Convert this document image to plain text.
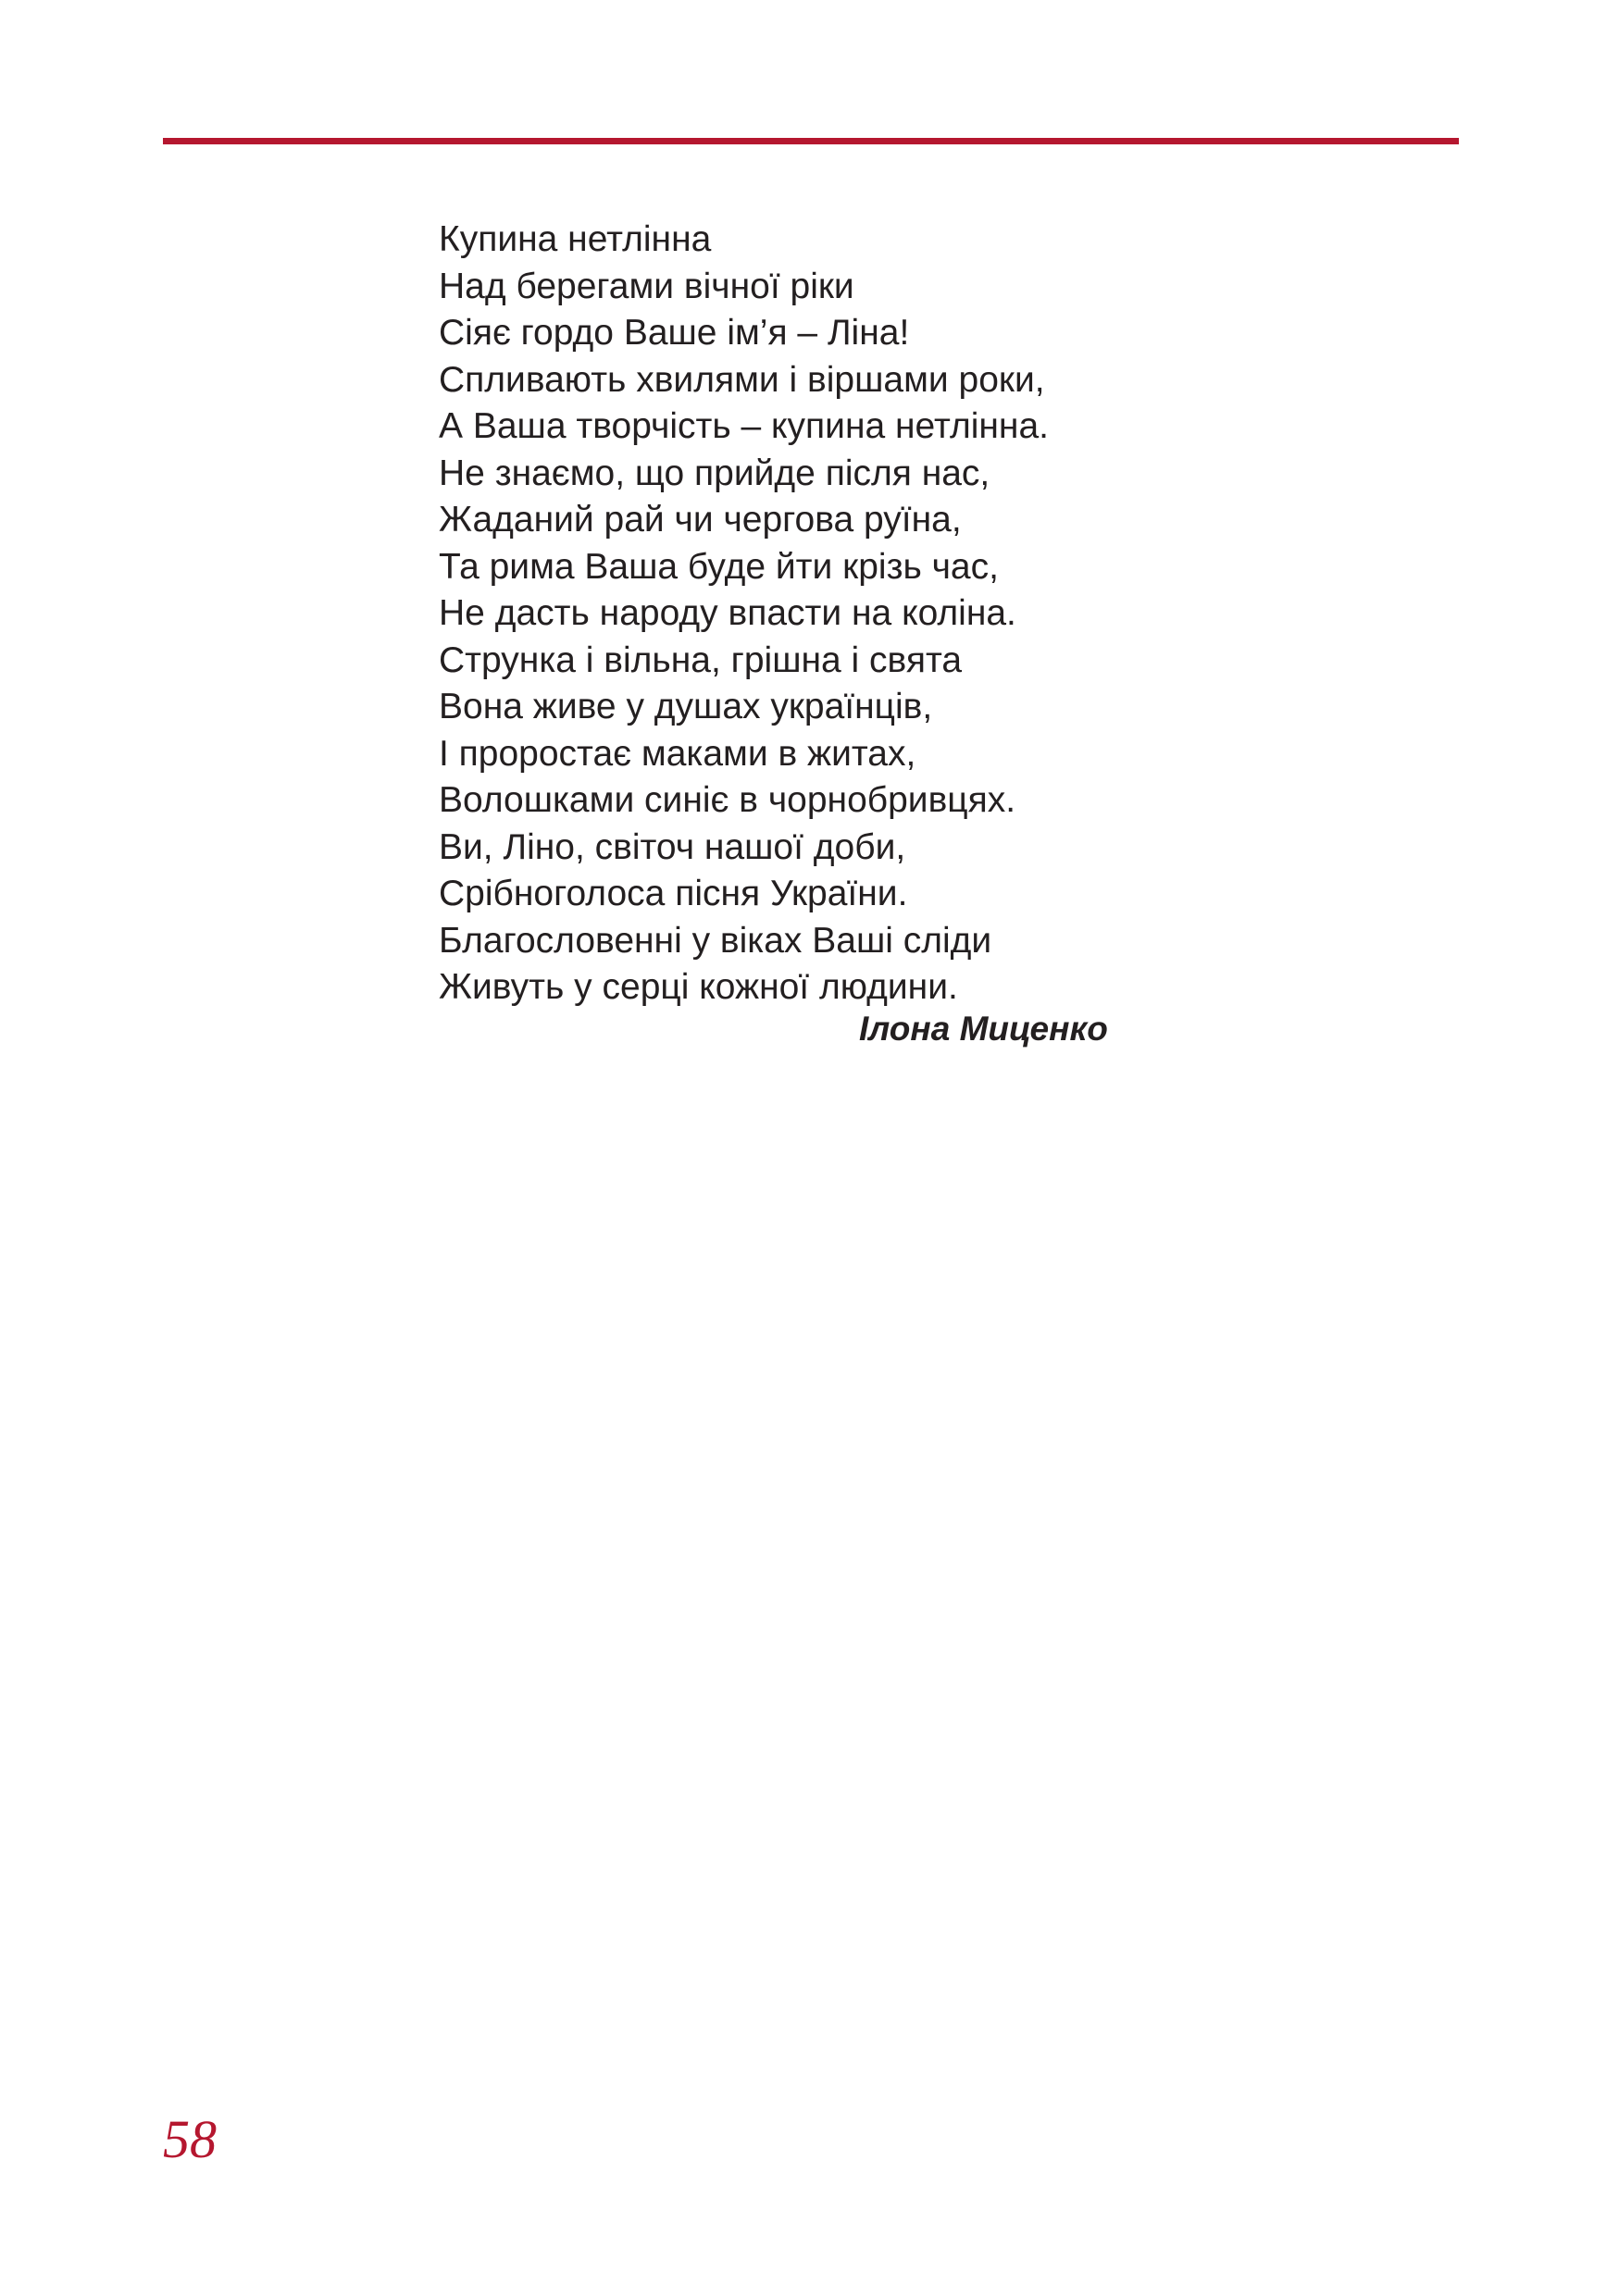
Купина нетлінна
Над берегами вічної ріки
Сіяє гордо Ваше ім’я – Ліна!
Спливають хвилями і віршами роки,
А Ваша творчість – купина нетлінна.
Не знаємо, що прийде після нас,
Жаданий рай чи чергова руїна,
Та рима Ваша буде йти крізь час,
Не дасть народу впасти на коліна.
Струнка і вільна, грішна і свята
Вона живе у душах українців,
І проростає маками в житах,
Волошками синіє в чорнобривцях.
Ви, Ліно, світоч нашої доби,
Срібноголоса пісня України.
Благословенні у віках Ваші сліди
Живуть у серці кожної людини.
Ілона Миценко
58
